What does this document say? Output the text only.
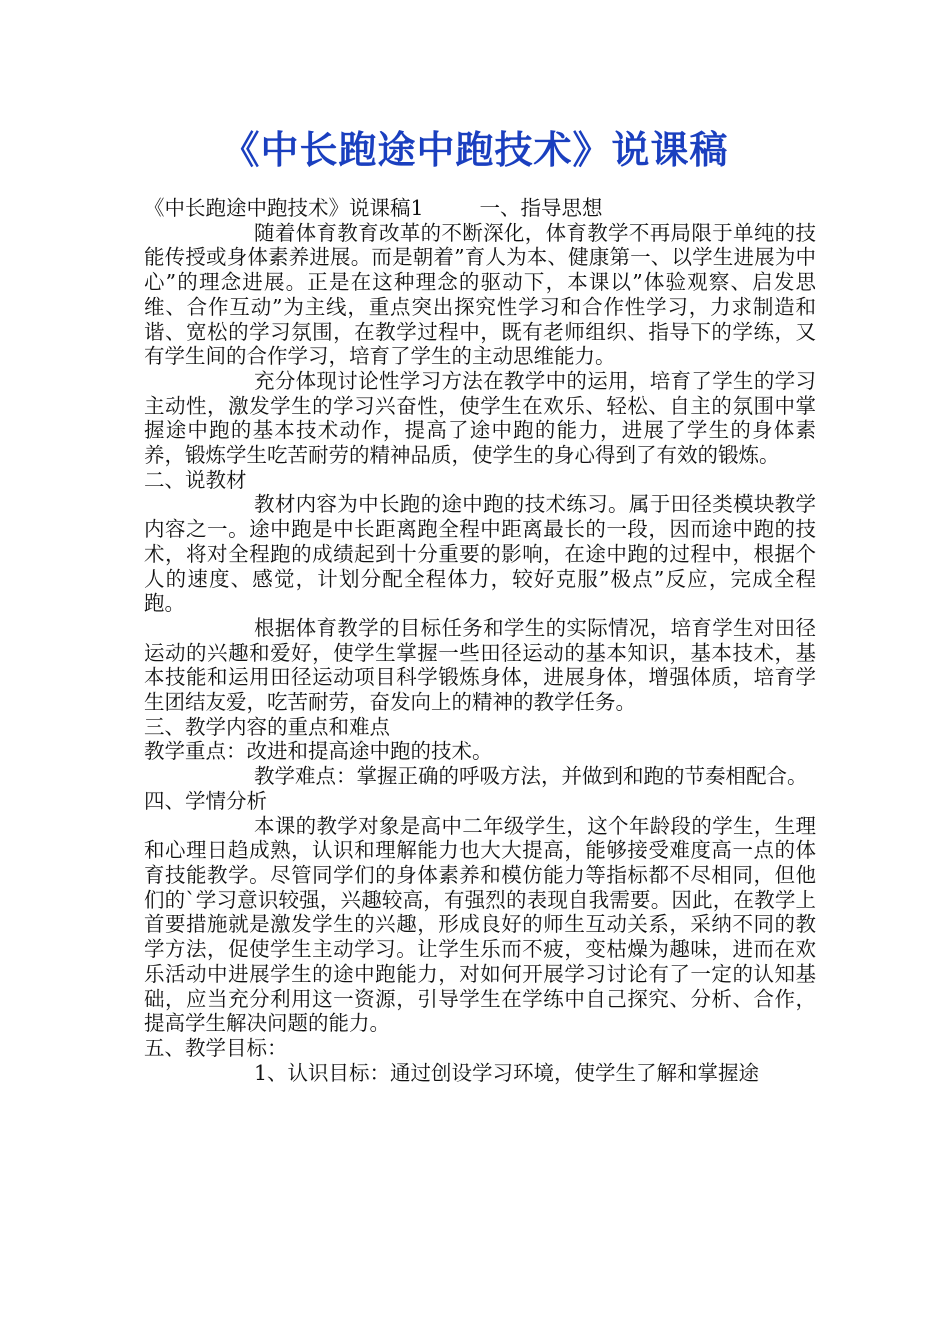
《中长跑途中跑技术》说课稿

《中长跑途中跑技术》说课稿1	一、指导思想

随着体育教育改革的不断深化，体育教学不再局限于单纯的技能传授或身体素养进展。而是朝着”育人为本、健康第一、以学生进展为中心”的理念进展。正是在这种理念的驱动下，本课以”体验观察、启发思维、合作互动”为主线，重点突出探究性学习和合作性学习，力求制造和谐、宽松的学习氛围，在教学过程中，既有老师组织、指导下的学练，又有学生间的合作学习，培育了学生的主动思维能力。

充分体现讨论性学习方法在教学中的运用，培育了学生的学习主动性，激发学生的学习兴奋性，使学生在欢乐、轻松、自主的氛围中掌握途中跑的基本技术动作，提高了途中跑的能力，进展了学生的身体素养，锻炼学生吃苦耐劳的精神品质，使学生的身心得到了有效的锻炼。

二、说教材

教材内容为中长跑的途中跑的技术练习。属于田径类模块教学内容之一。途中跑是中长距离跑全程中距离最长的一段，因而途中跑的技术，将对全程跑的成绩起到十分重要的影响，在途中跑的过程中，根据个人的速度、感觉，计划分配全程体力，较好克服”极点”反应，完成全程跑。

根据体育教学的目标任务和学生的实际情况，培育学生对田径运动的兴趣和爱好，使学生掌握一些田径运动的基本知识，基本技术，基本技能和运用田径运动项目科学锻炼身体，进展身体，增强体质，培育学生团结友爱，吃苦耐劳，奋发向上的精神的教学任务。

三、教学内容的重点和难点

教学重点：改进和提高途中跑的技术。

教学难点：掌握正确的呼吸方法，并做到和跑的节奏相配合。

四、学情分析

本课的教学对象是高中二年级学生，这个年龄段的学生，生理和心理日趋成熟，认识和理解能力也大大提高，能够接受难度高一点的体育技能教学。尽管同学们的身体素养和模仿能力等指标都不尽相同，但他们的`学习意识较强，兴趣较高，有强烈的表现自我需要。因此，在教学上首要措施就是激发学生的兴趣，形成良好的师生互动关系，采纳不同的教学方法，促使学生主动学习。让学生乐而不疲，变枯燥为趣味，进而在欢乐活动中进展学生的途中跑能力，对如何开展学习讨论有了一定的认知基础，应当充分利用这一资源，引导学生在学练中自己探究、分析、合作，提高学生解决问题的能力。

五、教学目标：

1、认识目标：通过创设学习环境，使学生了解和掌握途
